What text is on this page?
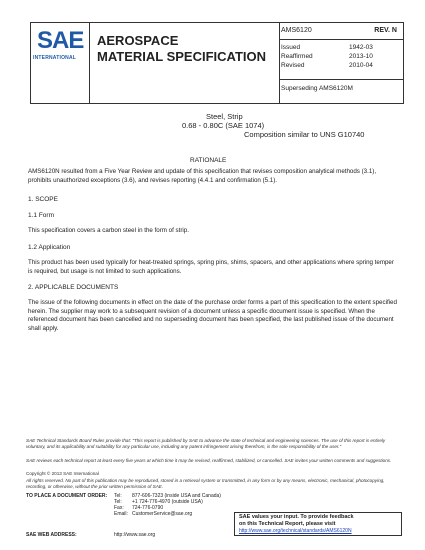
SAE
INTERNATIONAL
AEROSPACE
MATERIAL SPECIFICATION
AMS6120	REV. N
Issued	1942-03
Reaffirmed	2013-10
Revised	2010-04
Superseding AMS6120M
Steel, Strip
0.68 - 0.80C (SAE 1074)
Composition similar to UNS G10740
RATIONALE
AMS6120N resulted from a Five Year Review and update of this specification that revises composition analytical methods (3.1), prohibits unauthorized exceptions (3.6), and revises reporting (4.4.1 and confirmation (5.1).
1. SCOPE
1.1 Form
This specification covers a carbon steel in the form of strip.
1.2 Application
This product has been used typically for heat-treated springs, spring pins, shims, spacers, and other applications where spring temper is required, but usage is not limited to such applications.
2. APPLICABLE DOCUMENTS
The issue of the following documents in effect on the date of the purchase order forms a part of this specification to the extent specified herein. The supplier may work to a subsequent revision of a document unless a specific document issue is specified. When the referenced document has been cancelled and no superseding document has been specified, the last published issue of the document shall apply.
SAE Technical Standards Board Rules provide that: "This report is published by SAE to advance the state of technical and engineering sciences. The use of this report is entirely voluntary, and its applicability and suitability for any particular use, including any patent infringement arising therefrom, is the sole responsibility of the user."
SAE reviews each technical report at least every five years at which time it may be revised, reaffirmed, stabilized, or cancelled. SAE invites your written comments and suggestions.
Copyright © 2013 SAE International
All rights reserved. No part of this publication may be reproduced, stored in a retrieval system or transmitted, in any form or by any means, electronic, mechanical, photocopying, recording, or otherwise, without the prior written permission of SAE.
TO PLACE A DOCUMENT ORDER: Tel: 877-606-7323 (inside USA and Canada)
Tel: +1 724-776-4970 (outside USA)
Fax: 724-776-0790
Email: CustomerService@sae.org
SAE WEB ADDRESS:	http://www.sae.org
SAE values your input. To provide feedback
on this Technical Report, please visit
http://www.sae.org/technical/standards/AMS6120N
